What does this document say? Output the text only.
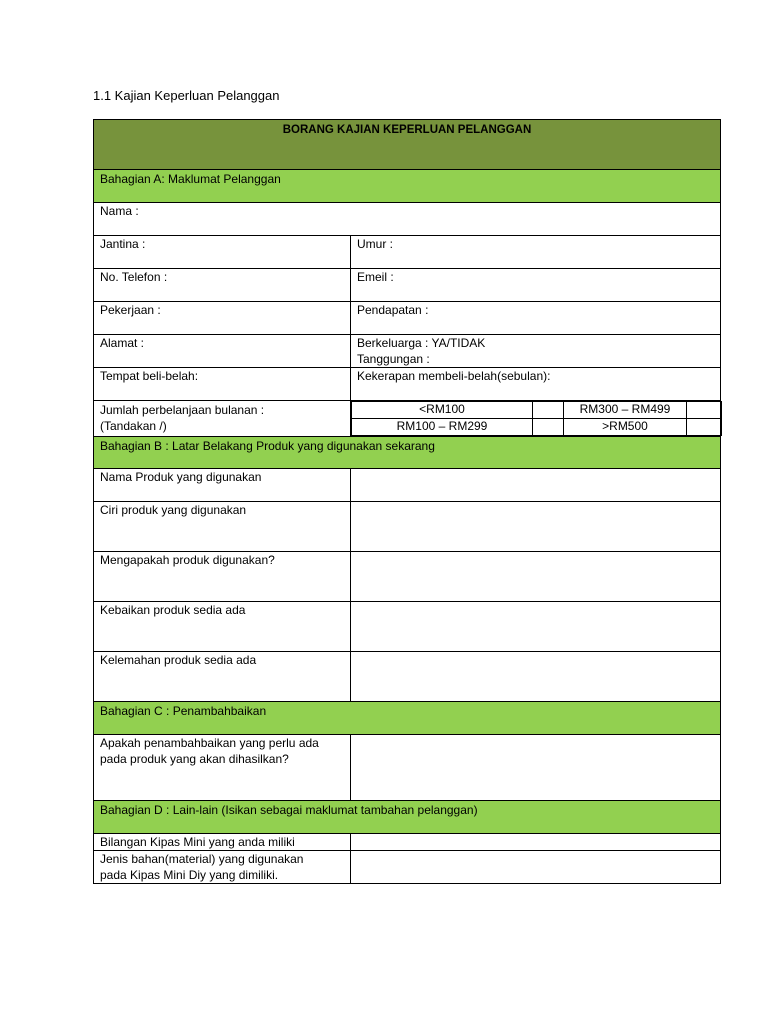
1.1 Kajian Keperluan Pelanggan
BORANG KAJIAN KEPERLUAN PELANGGAN
Bahagian A: Maklumat Pelanggan
Nama :
Jantina :	Umur :
No. Telefon :	Emeil :
Pekerjaan :	Pendapatan :
Alamat :	Berkeluarga : YA/TIDAK
Tanggungan :

Tempat beli-belah:	Kekerapan membeli-belah(sebulan):

Jumlah perbelanjaan bulanan :
(Tandakan /)

<RM100		RM300 – RM499	
RM100 – RM299		>RM500	

Bahagian B : Latar Belakang Produk yang digunakan sekarang
Nama Produk yang digunakan	
Ciri produk yang digunakan	
Mengapakah produk digunakan?	
Kebaikan produk sedia ada	
Kelemahan produk sedia ada	
Bahagian C : Penambahbaikan

Apakah penambahbaikan yang perlu ada
pada produk yang akan dihasilkan?

Bahagian D : Lain-lain (Isikan sebagai maklumat tambahan pelanggan)
Bilangan Kipas Mini yang anda miliki	

Jenis bahan(material) yang digunakan
pada Kipas Mini Diy yang dimiliki.
